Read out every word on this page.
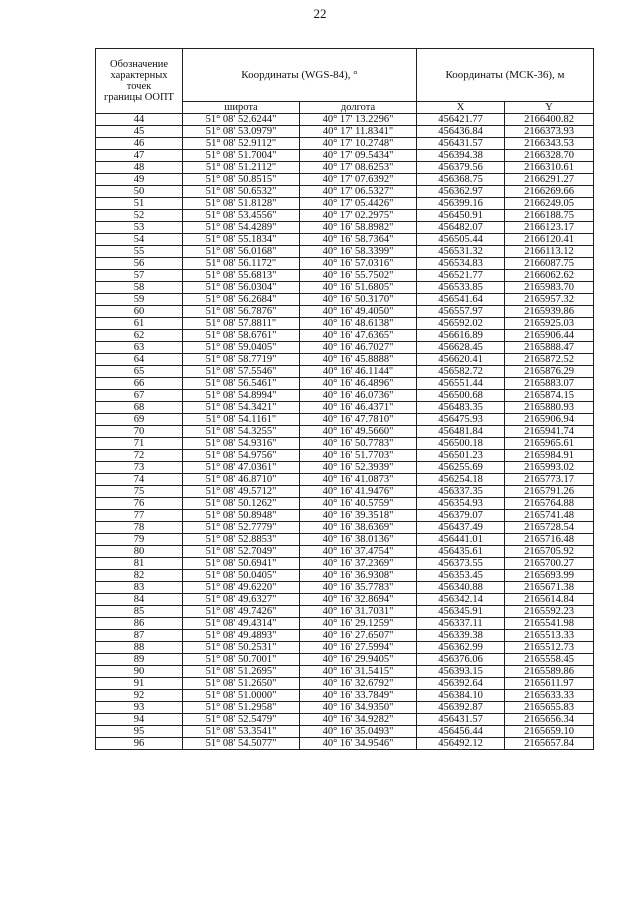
22
Обозначение
характерных
точек
границы ООПТ	Координаты (WGS-84), °		Координаты (МСК-36), м	
	широта	долгота	X	Y
44	51° 08' 52.6244"	40° 17' 13.2296"	456421.77	2166400.82
45	51° 08' 53.0979"	40° 17' 11.8341"	456436.84	2166373.93
46	51° 08' 52.9112"	40° 17' 10.2748"	456431.57	2166343.53
47	51° 08' 51.7004"	40° 17' 09.5434"	456394.38	2166328.70
48	51° 08' 51.2112"	40° 17' 08.6253"	456379.56	2166310.61
49	51° 08' 50.8515"	40° 17' 07.6392"	456368.75	2166291.27
50	51° 08' 50.6532"	40° 17' 06.5327"	456362.97	2166269.66
51	51° 08' 51.8128"	40° 17' 05.4426"	456399.16	2166249.05
52	51° 08' 53.4556"	40° 17' 02.2975"	456450.91	2166188.75
53	51° 08' 54.4289"	40° 16' 58.8982"	456482.07	2166123.17
54	51° 08' 55.1834"	40° 16' 58.7364"	456505.44	2166120.41
55	51° 08' 56.0168"	40° 16' 58.3399"	456531.32	2166113.12
56	51° 08' 56.1172"	40° 16' 57.0316"	456534.83	2166087.75
57	51° 08' 55.6813"	40° 16' 55.7502"	456521.77	2166062.62
58	51° 08' 56.0304"	40° 16' 51.6805"	456533.85	2165983.70
59	51° 08' 56.2684"	40° 16' 50.3170"	456541.64	2165957.32
60	51° 08' 56.7876"	40° 16' 49.4050"	456557.97	2165939.86
61	51° 08' 57.8811"	40° 16' 48.6138"	456592.02	2165925.03
62	51° 08' 58.6761"	40° 16' 47.6365"	456616.89	2165906.44
63	51° 08' 59.0405"	40° 16' 46.7027"	456628.45	2165888.47
64	51° 08' 58.7719"	40° 16' 45.8888"	456620.41	2165872.52
65	51° 08' 57.5546"	40° 16' 46.1144"	456582.72	2165876.29
66	51° 08' 56.5461"	40° 16' 46.4896"	456551.44	2165883.07
67	51° 08' 54.8994"	40° 16' 46.0736"	456500.68	2165874.15
68	51° 08' 54.3421"	40° 16' 46.4371"	456483.35	2165880.93
69	51° 08' 54.1161"	40° 16' 47.7810"	456475.93	2165906.94
70	51° 08' 54.3255"	40° 16' 49.5660"	456481.84	2165941.74
71	51° 08' 54.9316"	40° 16' 50.7783"	456500.18	2165965.61
72	51° 08' 54.9756"	40° 16' 51.7703"	456501.23	2165984.91
73	51° 08' 47.0361"	40° 16' 52.3939"	456255.69	2165993.02
74	51° 08' 46.8710"	40° 16' 41.0873"	456254.18	2165773.17
75	51° 08' 49.5712"	40° 16' 41.9476"	456337.35	2165791.26
76	51° 08' 50.1262"	40° 16' 40.5759"	456354.93	2165764.88
77	51° 08' 50.8948"	40° 16' 39.3518"	456379.07	2165741.48
78	51° 08' 52.7779"	40° 16' 38.6369"	456437.49	2165728.54
79	51° 08' 52.8853"	40° 16' 38.0136"	456441.01	2165716.48
80	51° 08' 52.7049"	40° 16' 37.4754"	456435.61	2165705.92
81	51° 08' 50.6941"	40° 16' 37.2369"	456373.55	2165700.27
82	51° 08' 50.0405"	40° 16' 36.9308"	456353.45	2165693.99
83	51° 08' 49.6220"	40° 16' 35.7783"	456340.88	2165671.38
84	51° 08' 49.6327"	40° 16' 32.8694"	456342.14	2165614.84
85	51° 08' 49.7426"	40° 16' 31.7031"	456345.91	2165592.23
86	51° 08' 49.4314"	40° 16' 29.1259"	456337.11	2165541.98
87	51° 08' 49.4893"	40° 16' 27.6507"	456339.38	2165513.33
88	51° 08' 50.2531"	40° 16' 27.5994"	456362.99	2165512.73
89	51° 08' 50.7001"	40° 16' 29.9405"	456376.06	2165558.45
90	51° 08' 51.2695"	40° 16' 31.5415"	456393.15	2165589.86
91	51° 08' 51.2650"	40° 16' 32.6792"	456392.64	2165611.97
92	51° 08' 51.0000"	40° 16' 33.7849"	456384.10	2165633.33
93	51° 08' 51.2958"	40° 16' 34.9350"	456392.87	2165655.83
94	51° 08' 52.5479"	40° 16' 34.9282"	456431.57	2165656.34
95	51° 08' 53.3541"	40° 16' 35.0493"	456456.44	2165659.10
96	51° 08' 54.5077"	40° 16' 34.9546"	456492.12	2165657.84
